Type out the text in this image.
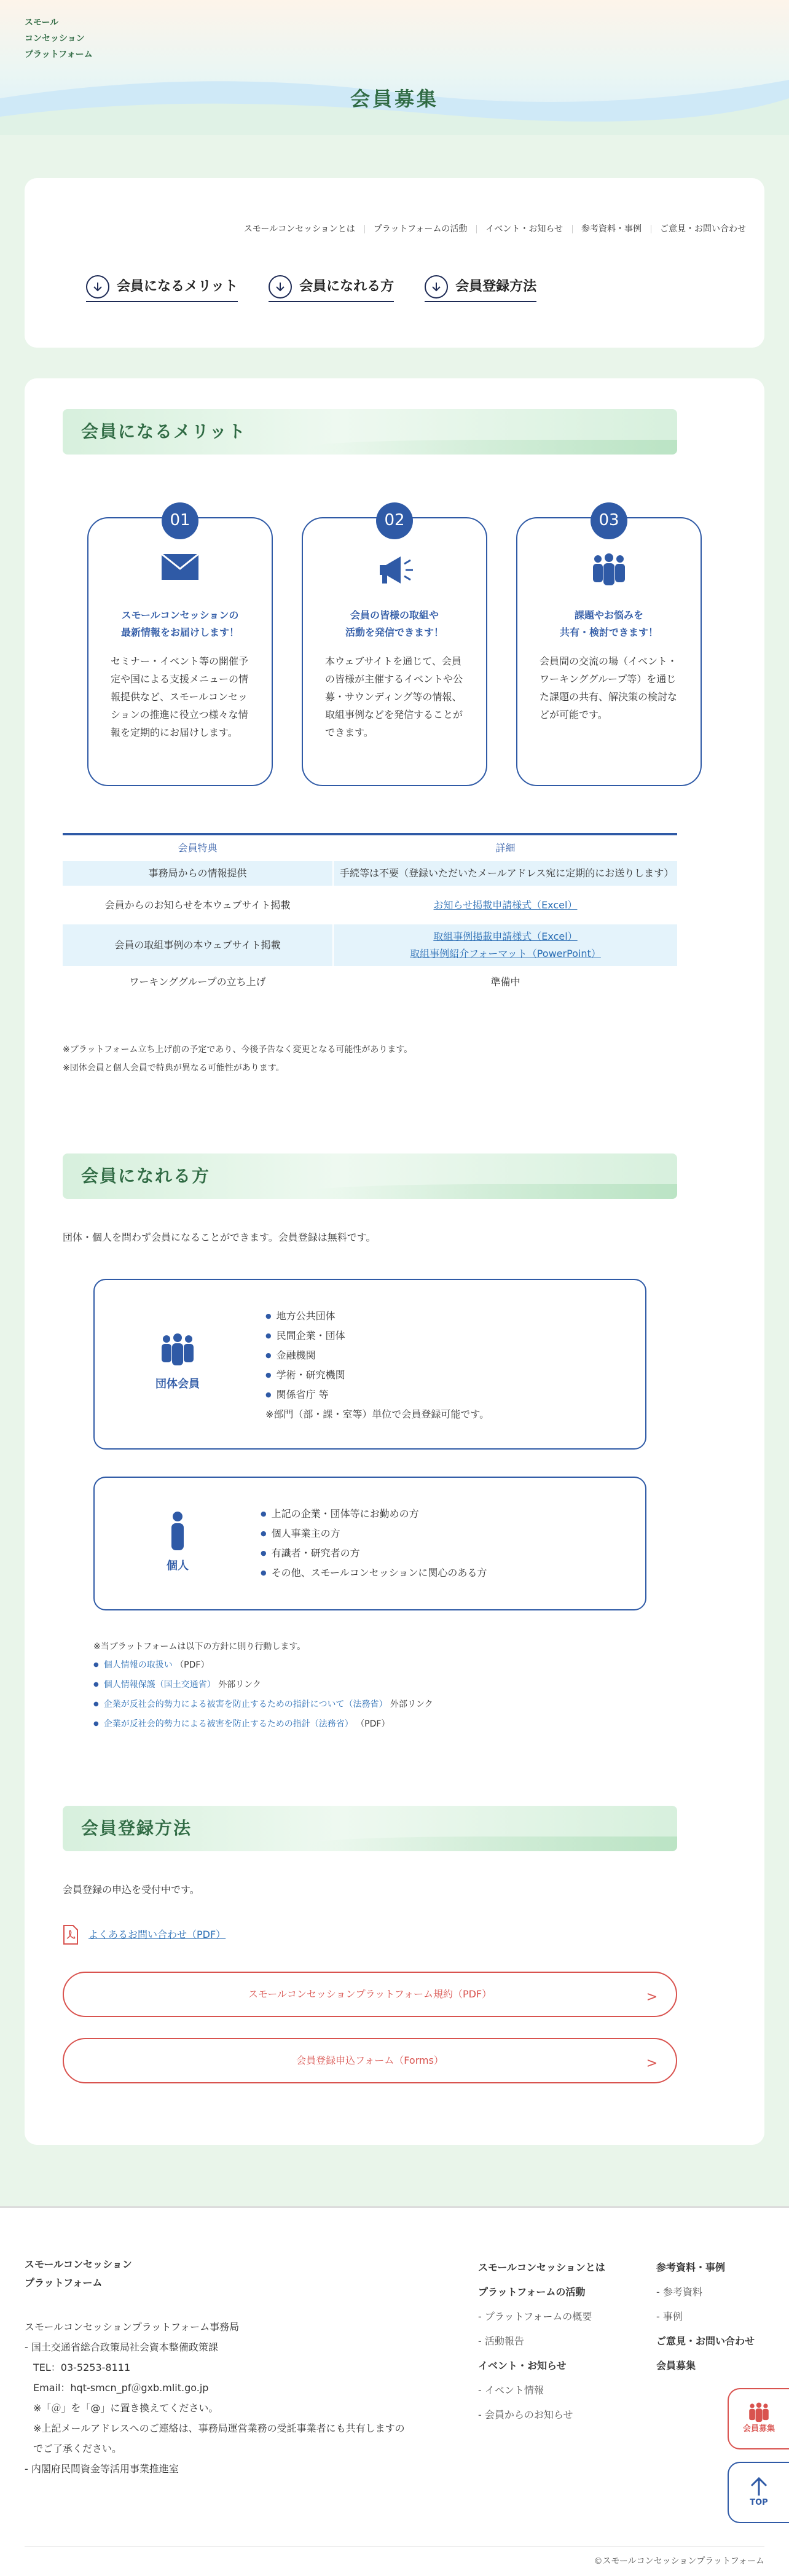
スモール
コンセッション
プラットフォーム
会員募集
スモールコンセッションとは プラットフォームの活動 イベント・お知らせ 参考資料・事例 ご意見・お問い合わせ
会員になるメリット	会員になれる方	会員登録方法
会員になるメリット
01
スモールコンセッションの
最新情報をお届けします！
セミナー・イベント等の開催予定や国による支援メニューの情報提供など、スモールコンセッションの推進に役立つ様々な情報を定期的にお届けします。
02
会員の皆様の取組や
活動を発信できます！
本ウェブサイトを通じて、会員の皆様が主催するイベントや公募・サウンディング等の情報、取組事例などを発信することができます。
03
課題やお悩みを
共有・検討できます！
会員間の交流の場（イベント・ワーキンググループ等）を通じた課題の共有、解決策の検討などが可能です。
会員特典	詳細
事務局からの情報提供	手続等は不要（登録いただいたメールアドレス宛に定期的にお送りします）
会員からのお知らせを本ウェブサイト掲載	お知らせ掲載申請様式（Excel）
会員の取組事例の本ウェブサイト掲載	取組事例掲載申請様式（Excel）
取組事例紹介フォーマット（PowerPoint）
ワーキンググループの立ち上げ	準備中
※プラットフォーム立ち上げ前の予定であり、今後予告なく変更となる可能性があります。
※団体会員と個人会員で特典が異なる可能性があります。
会員になれる方
団体・個人を問わず会員になることができます。会員登録は無料です。
団体会員
● 地方公共団体
● 民間企業・団体
● 金融機関
● 学術・研究機関
● 関係省庁 等
※部門（部・課・室等）単位で会員登録可能です。
個人
● 上記の企業・団体等にお勤めの方
● 個人事業主の方
● 有識者・研究者の方
● その他、スモールコンセッションに関心のある方
※当プラットフォームは以下の方針に則り行動します。
● 個人情報の取扱い （PDF）
● 個人情報保護（国土交通省） 外部リンク
● 企業が反社会的勢力による被害を防止するための指針について（法務省） 外部リンク
● 企業が反社会的勢力による被害を防止するための指針（法務省） （PDF）
会員登録方法
会員登録の申込を受付中です。
よくあるお問い合わせ（PDF）
スモールコンセッションプラットフォーム規約（PDF）	>
会員登録申込フォーム（Forms）	>
スモールコンセッション
プラットフォーム
スモールコンセッションプラットフォーム事務局
- 国土交通省総合政策局社会資本整備政策課
TEL：03-5253-8111
Email：hqt-smcn_pf＠gxb.mlit.go.jp
※「＠」を「@」に置き換えてください。
※上記メールアドレスへのご連絡は、事務局運営業務の受託事業者にも共有しますのでご了承ください。
- 内閣府民間資金等活用事業推進室
スモールコンセッションとは
プラットフォームの活動
- プラットフォームの概要
- 活動報告
イベント・お知らせ
- イベント情報
- 会員からのお知らせ
参考資料・事例
- 参考資料
- 事例
ご意見・お問い合わせ
会員募集
©スモールコンセッションプラットフォーム
会員募集
TOP
